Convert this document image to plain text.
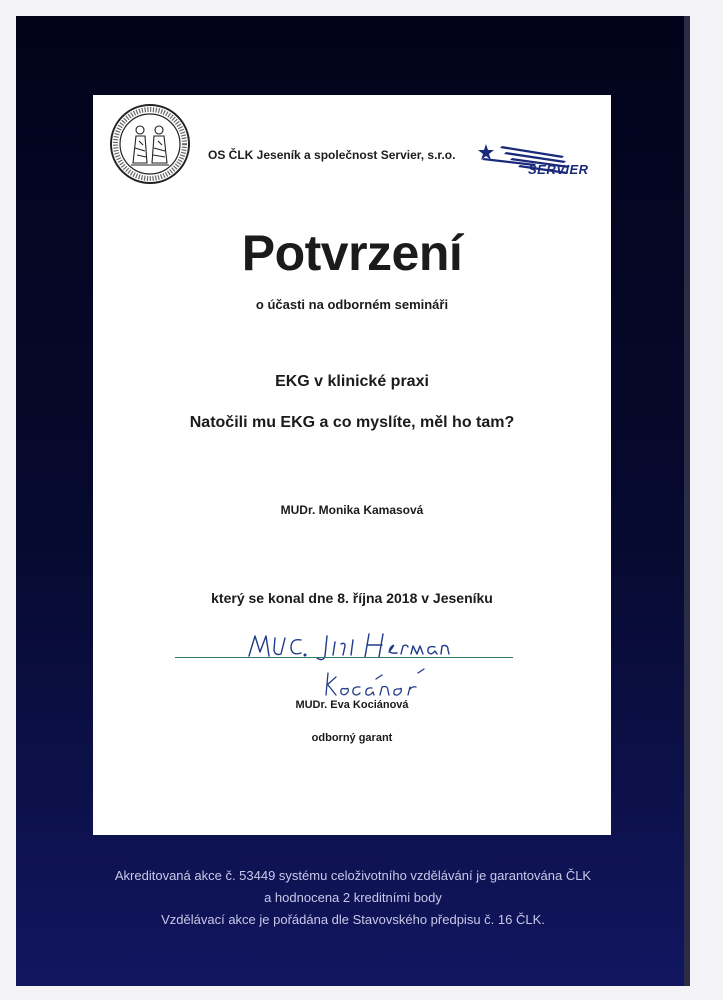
OS ČLK Jeseník a společnost Servier, s.r.o.
SERVIER
Potvrzení
o účasti na odborném semináři
EKG v klinické praxi
Natočili mu EKG a co myslíte, měl ho tam?
MUDr. Monika Kamasová
který se konal dne 8. října 2018 v Jeseníku
MUDr. Eva Kociánová
odborný garant
Akreditovaná akce č. 53449 systému celoživotního vzdělávání je garantována ČLK
a hodnocena 2 kreditními body
Vzdělávací akce je pořádána dle Stavovského předpisu č. 16 ČLK.
